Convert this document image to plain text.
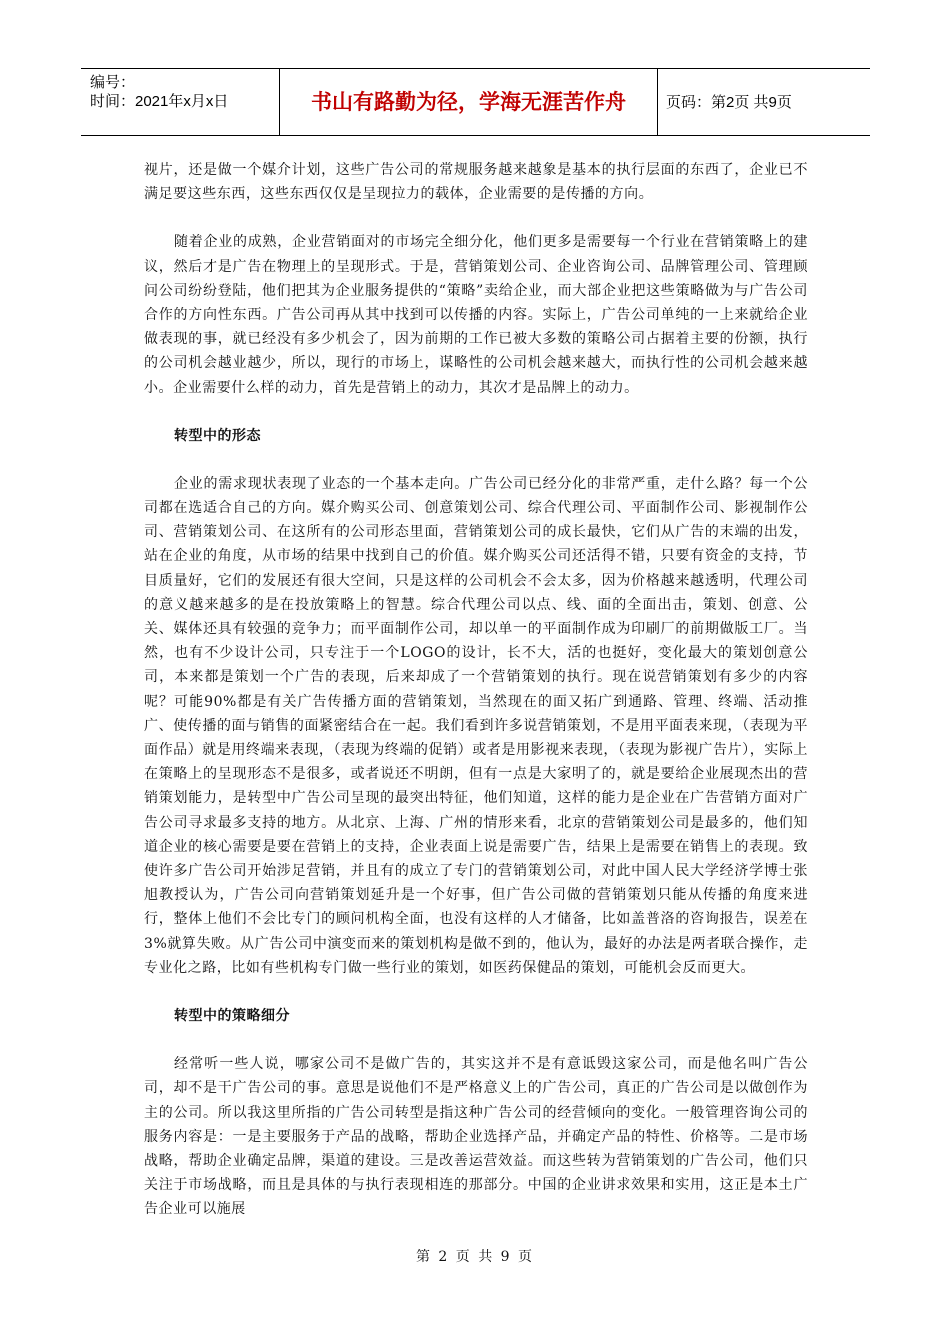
编号：
时间：2021年x月x日	书山有路勤为径，学海无涯苦作舟	页码：第2页 共9页

视片，还是做一个媒介计划，这些广告公司的常规服务越来越象是基本的执行层面的东西了，企业已不满足要这些东西，这些东西仅仅是呈现拉力的载体，企业需要的是传播的方向。

随着企业的成熟，企业营销面对的市场完全细分化，他们更多是需要每一个行业在营销策略上的建议，然后才是广告在物理上的呈现形式。于是，营销策划公司、企业咨询公司、品牌管理公司、管理顾问公司纷纷登陆，他们把其为企业服务提供的“策略”卖给企业，而大部企业把这些策略做为与广告公司合作的方向性东西。广告公司再从其中找到可以传播的内容。实际上，广告公司单纯的一上来就给企业做表现的事，就已经没有多少机会了，因为前期的工作已被大多数的策略公司占据着主要的份额，执行的公司机会越业越少，所以，现行的市场上，谋略性的公司机会越来越大，而执行性的公司机会越来越小。企业需要什么样的动力，首先是营销上的动力，其次才是品牌上的动力。

转型中的形态

企业的需求现状表现了业态的一个基本走向。广告公司已经分化的非常严重，走什么路？每一个公司都在选适合自己的方向。媒介购买公司、创意策划公司、综合代理公司、平面制作公司、影视制作公司、营销策划公司、在这所有的公司形态里面，营销策划公司的成长最快，它们从广告的末端的出发，站在企业的角度，从市场的结果中找到自己的价值。媒介购买公司还活得不错，只要有资金的支持，节目质量好，它们的发展还有很大空间，只是这样的公司机会不会太多，因为价格越来越透明，代理公司的意义越来越多的是在投放策略上的智慧。综合代理公司以点、线、面的全面出击，策划、创意、公关、媒体还具有较强的竞争力；而平面制作公司，却以单一的平面制作成为印刷厂的前期做版工厂。当然，也有不少设计公司，只专注于一个LOGO的设计，长不大，活的也挺好，变化最大的策划创意公司，本来都是策划一个广告的表现，后来却成了一个营销策划的执行。现在说营销策划有多少的内容呢？可能90%都是有关广告传播方面的营销策划，当然现在的面又拓广到通路、管理、终端、活动推广、使传播的面与销售的面紧密结合在一起。我们看到许多说营销策划，不是用平面表来现，（表现为平面作品）就是用终端来表现，（表现为终端的促销）或者是用影视来表现，（表现为影视广告片），实际上在策略上的呈现形态不是很多，或者说还不明朗，但有一点是大家明了的，就是要给企业展现杰出的营销策划能力，是转型中广告公司呈现的最突出特征，他们知道，这样的能力是企业在广告营销方面对广告公司寻求最多支持的地方。从北京、上海、广州的情形来看，北京的营销策划公司是最多的，他们知道企业的核心需要是要在营销上的支持，企业表面上说是需要广告，结果上是需要在销售上的表现。致使许多广告公司开始涉足营销，并且有的成立了专门的营销策划公司，对此中国人民大学经济学博士张旭教授认为，广告公司向营销策划延升是一个好事，但广告公司做的营销策划只能从传播的角度来进行，整体上他们不会比专门的顾问机构全面，也没有这样的人才储备，比如盖普洛的咨询报告，误差在3%就算失败。从广告公司中演变而来的策划机构是做不到的，他认为，最好的办法是两者联合操作，走专业化之路，比如有些机构专门做一些行业的策划，如医药保健品的策划，可能机会反而更大。

转型中的策略细分

经常听一些人说，哪家公司不是做广告的，其实这并不是有意诋毁这家公司，而是他名叫广告公司，却不是干广告公司的事。意思是说他们不是严格意义上的广告公司，真正的广告公司是以做创作为主的公司。所以我这里所指的广告公司转型是指这种广告公司的经营倾向的变化。一般管理咨询公司的服务内容是：一是主要服务于产品的战略，帮助企业选择产品，并确定产品的特性、价格等。二是市场战略，帮助企业确定品牌，渠道的建设。三是改善运营效益。而这些转为营销策划的广告公司，他们只关注于市场战略，而且是具体的与执行表现相连的那部分。中国的企业讲求效果和实用，这正是本土广告企业可以施展

第 2 页 共 9 页
